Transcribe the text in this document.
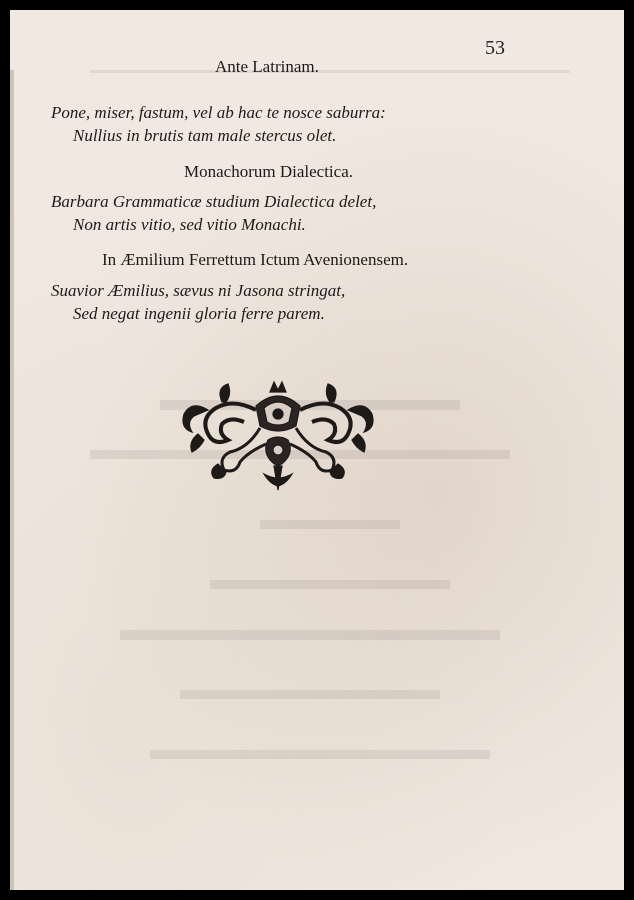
53
Ante Latrinam.
Pone, miser, fastum, vel ab hac te nosce saburra:
Nullius in brutis tam male stercus olet.
Monachorum Dialectica.
Barbara Grammaticæ studium Dialectica delet,
Non artis vitio, sed vitio Monachi.
In Æmilium Ferrettum Ictum Avenionensem.
Suavior Æmilius, sævus ni Jasona stringat,
Sed negat ingenii gloria ferre parem.
